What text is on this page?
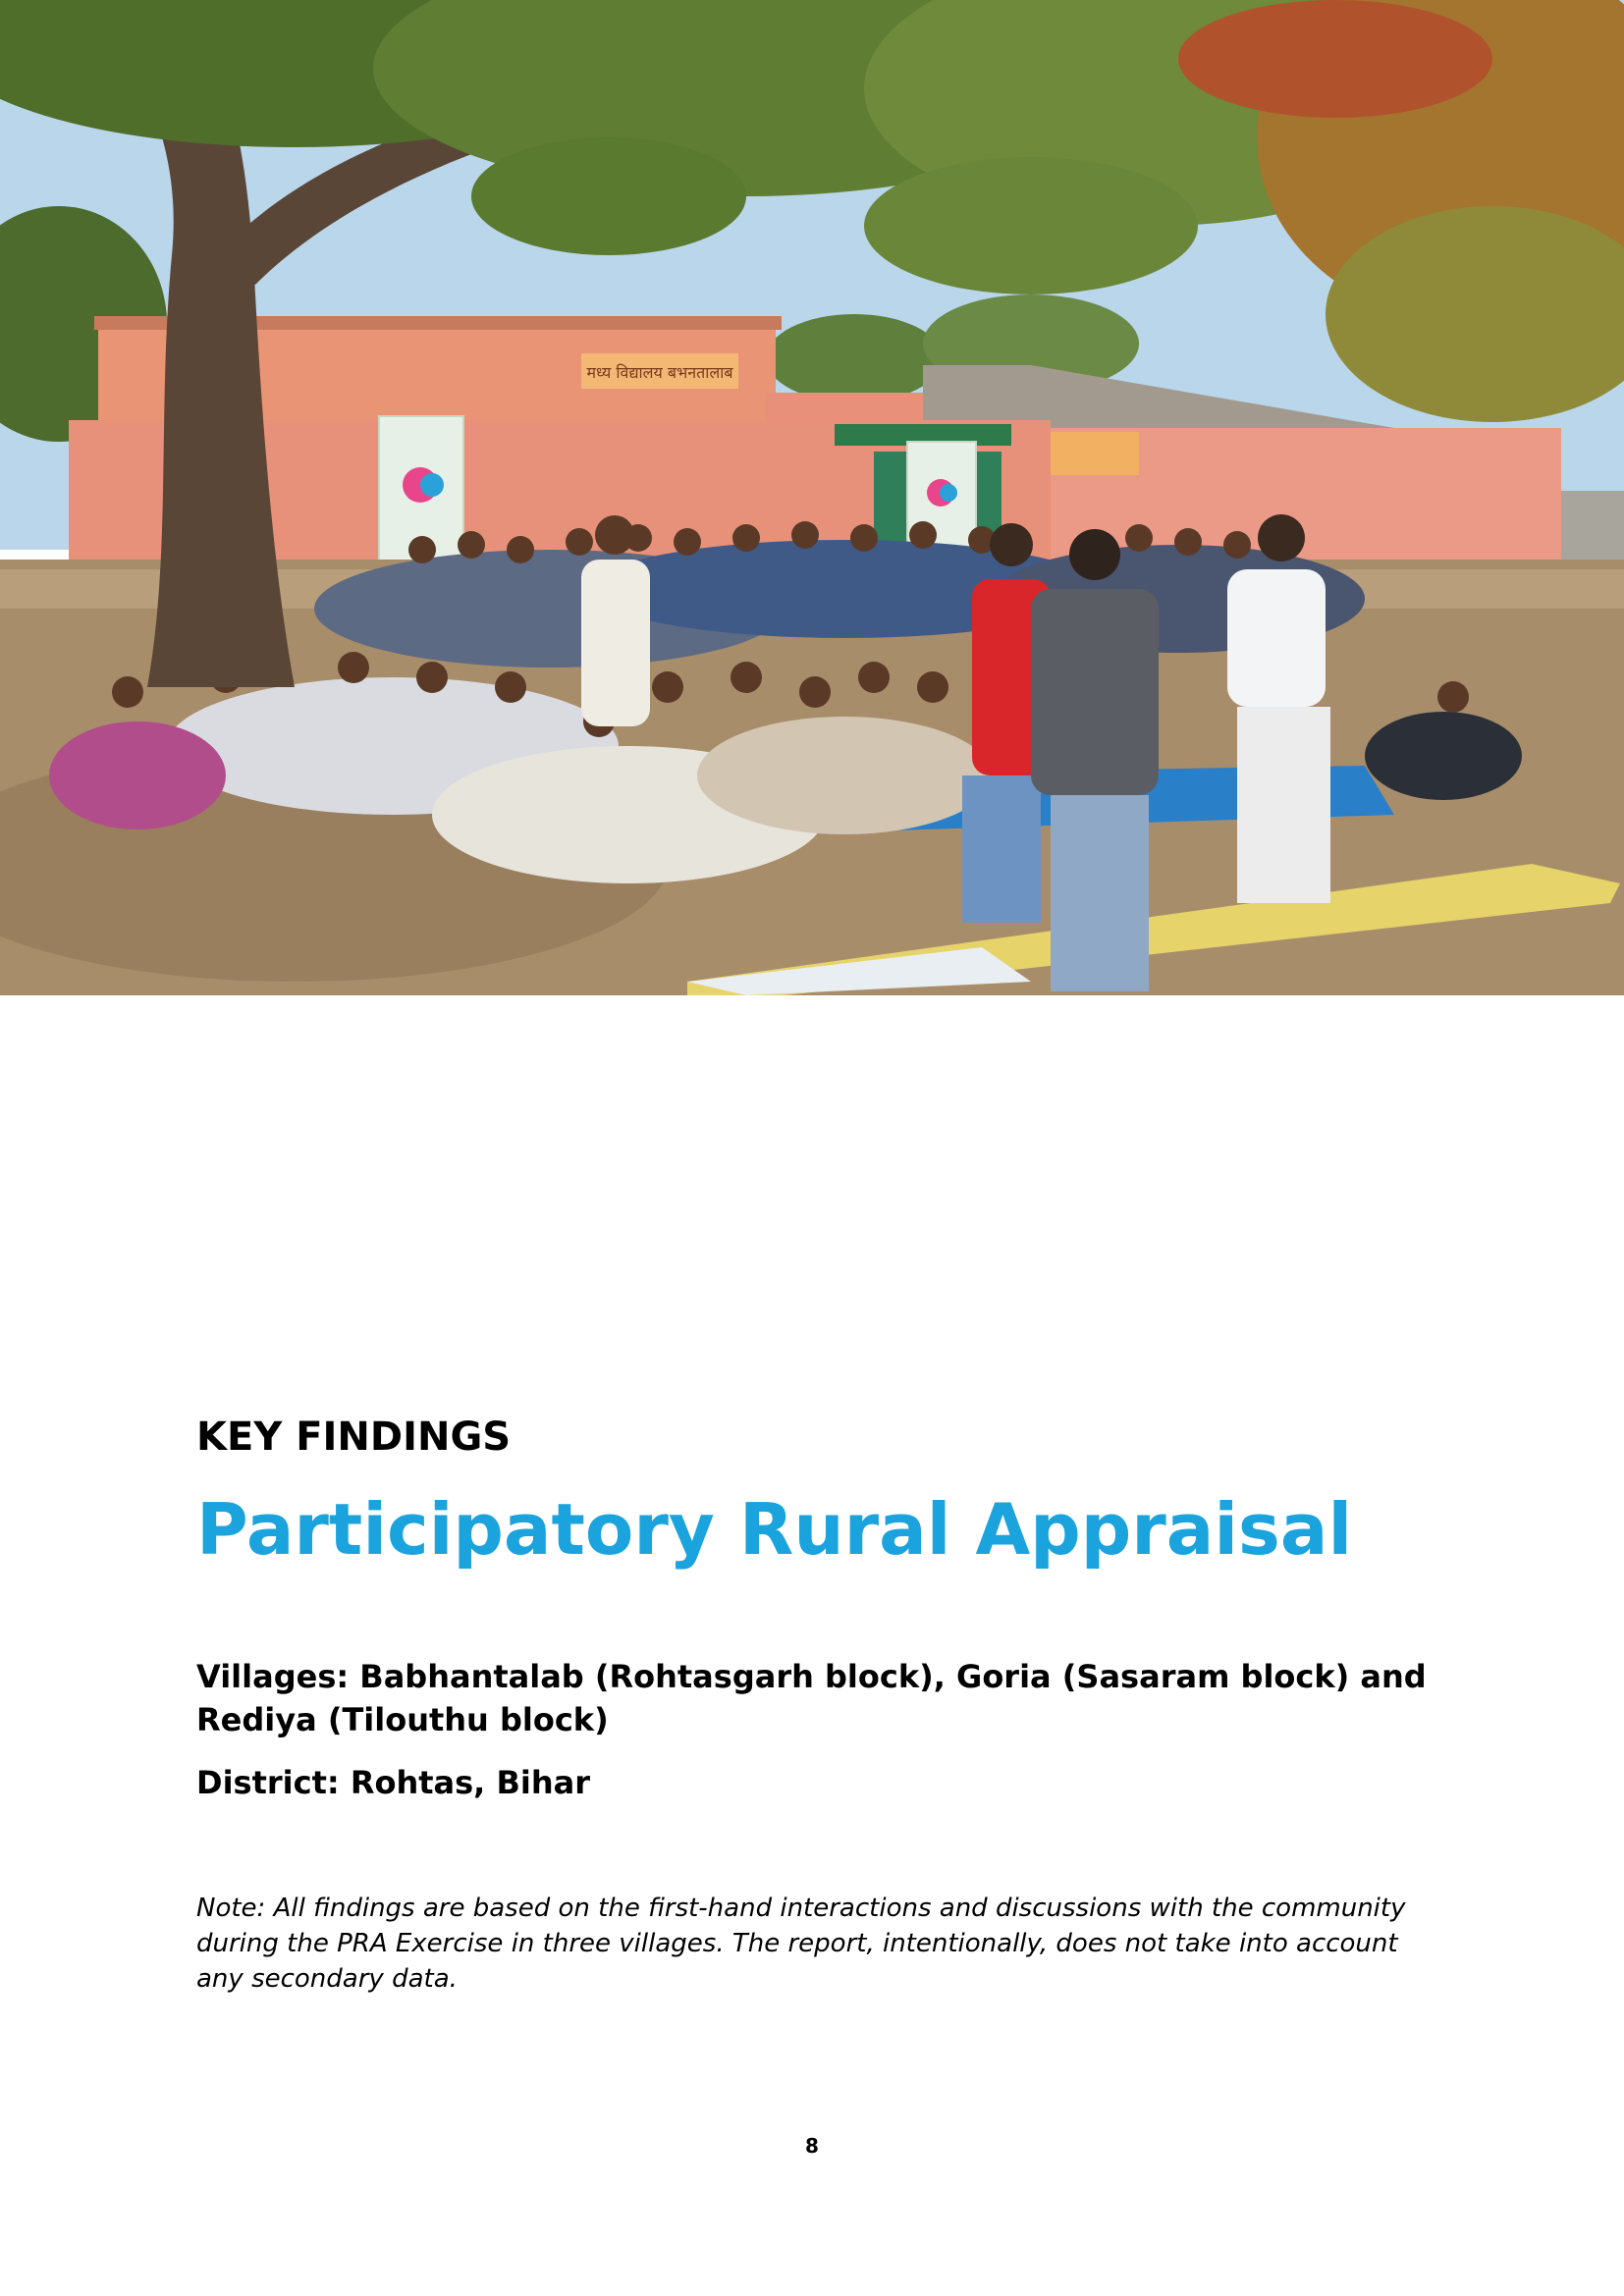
मध्य विद्यालय बभनतालाब
KEY FINDINGS
Participatory Rural Appraisal

Villages: Babhantalab (Rohtasgarh block), Goria (Sasaram block) and Rediya (Tilouthu block)

District: Rohtas, Bihar

Note: All findings are based on the first-hand interactions and discussions with the community during the PRA Exercise in three villages. The report, intentionally, does not take into account any secondary data.

8
